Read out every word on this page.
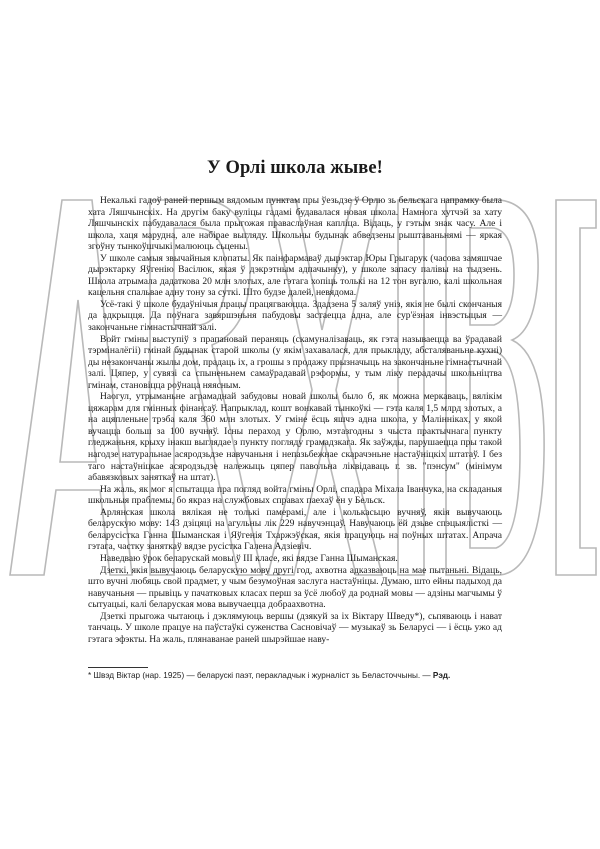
У Орлі школа жыве!

Некалькі гадоў раней першым вядомым пунктам пры ўезьдзе ў Орлю зь бельскага напрамку была хата Ляшчынскіх. На другім баку вуліцы гадамі будавалася новая школа. Намнога хутчэй за хату Ляшчынскіх пабудавалася была прыгожая праваслаўная капліца. Відаць, у гэтым знак часу. Але і школа, хаця марудна, але набірае выгляду. Школьны будынак абведзены рыштаваньнямі — яркая згоўну тынкоўшчыкі малююць сьцены.

У школе самыя звычайныя клопаты. Як паінфармаваў дырэктар Юры Грыгарук (часова замяшчае дырэктарку Яўгенію Васілюк, якая ў дэкрэтным адпачынку), у школе запасу палівы на тыдзень. Школа атрымала дадаткова 20 млн злотых, але гэтага хопіць толькі на 12 тон вугалю, калі школьная кацельня спальвае адну тону за суткі. Што будзе далей, невядома.

Усё-такі ў школе будаўнічыя працы працягваюцца. Здадзена 5 заляў уніз, якія не былі скончаныя да адкрыцця. Да поўнага завяршэньня пабудовы застаецца адна, але сур'ёзная інвэстыцыя — закончаньне гімнастычнай залі.

Войт гміны выступіў з прапановай пераняць (скамуналізаваць, як гэта называецца ва ўрадавай тэрміналёгіі) гмінай будынак старой школы (у якім захавалася, для прыкладу, абсталяваньне кухні) ды незакончаны жылы дом, прадаць іх, а грошы з продажу прызначыць на закончаньне гімнастычнай залі. Цяпер, у сувязі са спыненьнем самаўрадавай рэформы, у тым ліку перадачы школьніцтва гмінам, становіцца роўнаца няясным.

Наогул, утрыманьне аграмаднай забудовы новай школы было б, як можна меркаваць, вялікім цяжарам для гмінных фінансаў. Напрыклад, кошт вонкавай тынкоўкі — гэта каля 1,5 млрд злотых, а на ацяпленьне трэба каля 360 млн злотых. У гміне ёсць яшчэ адна школа, у Малінніках, у якой вучацца больш за 100 вучняў. Існы пераход у Орлю, мэтазгодны з чыста практычнага пункту гледжаньня, крыху інакш выглядае з пункту погляду грамадзкага. Як заўжды, парушаецца пры такой нагодзе натуральнае асяродзьдзе навучаньня і непазьбежнае скарачэньне настаўніцкіх штатаў. І без таго настаўніцкае асяродзьдзе належыць цяпер павольна ліквідаваць г. зв. "пэнсум" (мінімум абавязковых заняткаў на штат).

На жаль, як мог я спытацца пра погляд войта гміны Орлі, спадара Міхала Іванчука, на складаныя школьныя праблемы, бо якраз на службовых справах паехаў ён у Бельск.

Арлянская школа вялікая не толькі памерамі, але і колькасьцю вучняў, якія вывучаюць беларускую мову: 143 дзіцяці на агульны лік 229 навучэнцаў. Навучаюць ёй дзьве спэцыялісткі — беларусістка Ганна Шыманская і Яўгенія Тхаржэўская, якія працуюць на поўных штатах. Апрача гэтага, частку заняткаў вядзе русістка Галена Адзіевіч.

Наведваю ўрок беларускай мовы ў III класе, які вядзе Ганна Шыманская.

Дзеткі, якія вывучаюць беларускую мову другі год, ахвотна адказваюць на мае пытаньні. Відаць, што вучні любяць свой прадмет, у чым безумоўная заслуга настаўніцы. Думаю, што ейны падыход да навучаньня — прывіць у пачатковых класах перш за ўсё любоў да роднай мовы — адзіны магчымы ў сытуацыі, калі беларуская мова вывучаецца добраахвотна.

Дзеткі прыгожа чытаюць і дэклямуюць вершы (дзякуй за іх Віктару Шведу*), сьпяваюць і нават танчаць. У школе працуе на паўстаўкі суженства Сасновічаў — музыкаў зь Беларусі — і ёсць ужо ад гэтага эфэкты. На жаль, плянаванае раней шырэйшае наву-

* Швэд Віктар (нар. 1925) — беларускі паэт, перакладчык і журналіст зь Беласточчыны. — Рэд.
